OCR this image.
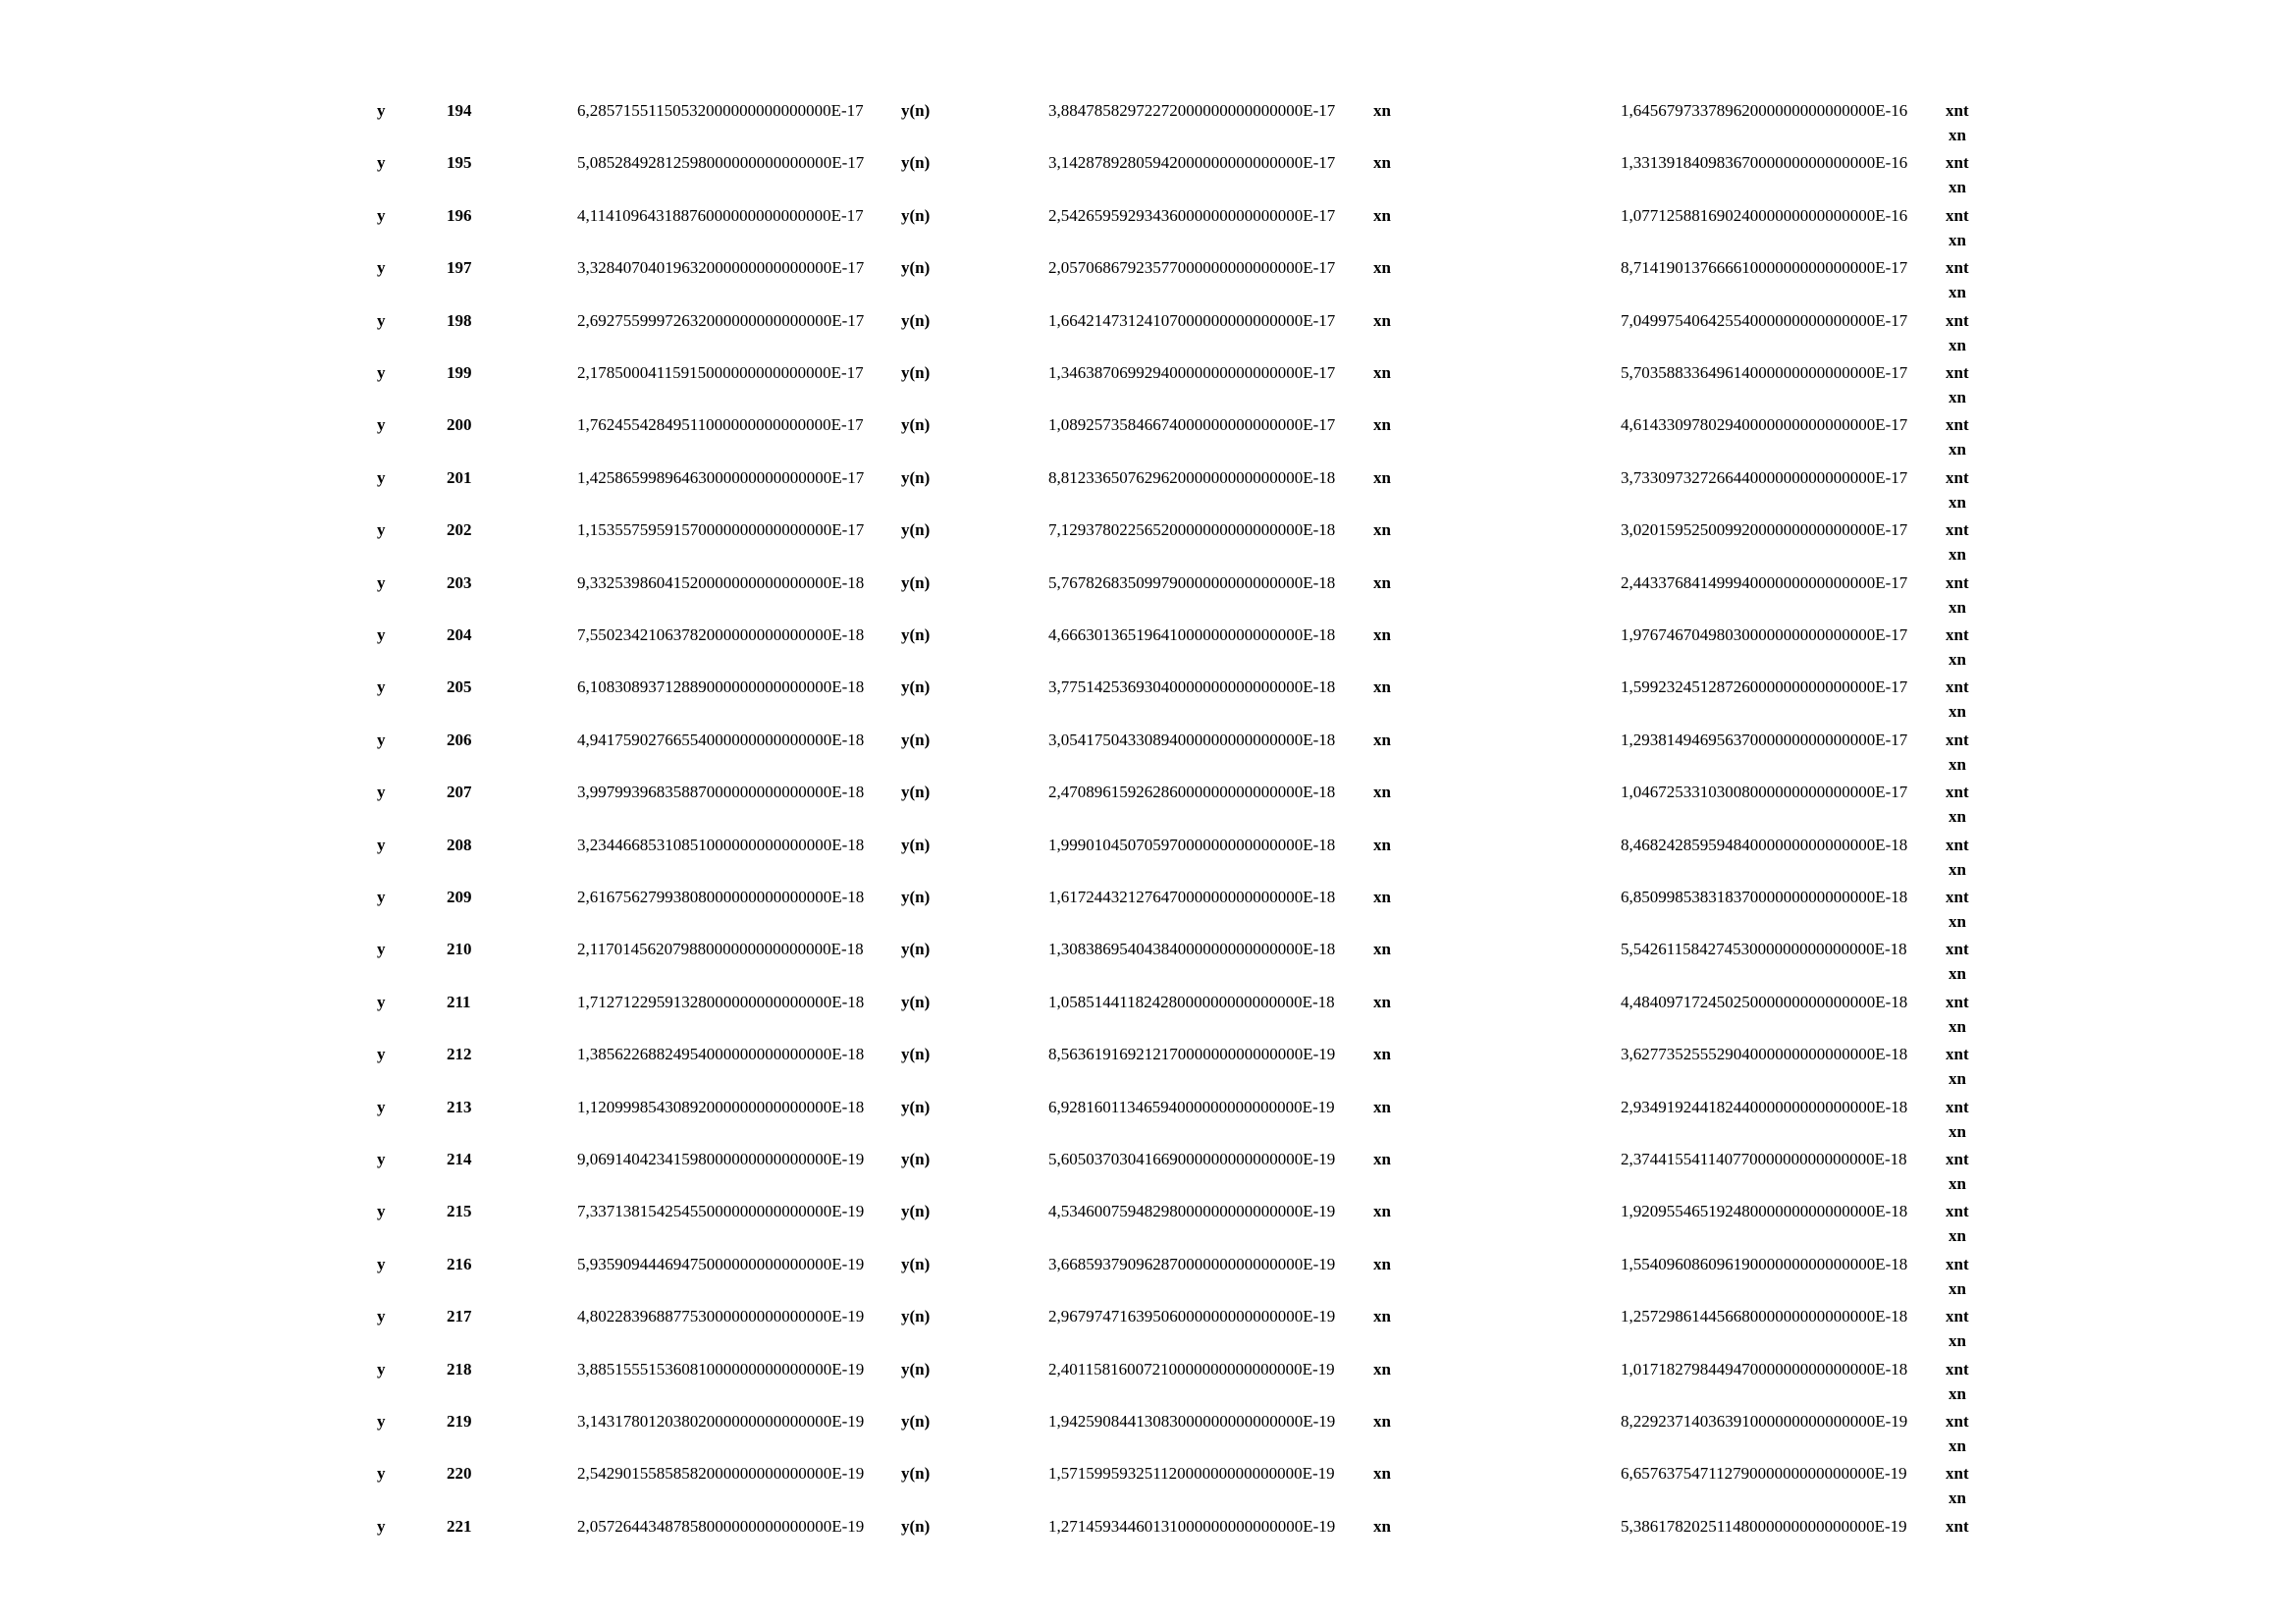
y	194	6,28571551150532000000000000000E-17 y(n)	3,88478582972272000000000000000E-17 xn	1,64567973378962000000000000000E-16 xnt
xn
y	195	5,08528492812598000000000000000E-17 y(n)	3,14287892805942000000000000000E-17 xn	1,33139184098367000000000000000E-16 xnt
xn
y	196	4,11410964318876000000000000000E-17 y(n)	2,54265959293436000000000000000E-17 xn	1,07712588169024000000000000000E-16 xnt
xn
y	197	3,32840704019632000000000000000E-17 y(n)	2,05706867923577000000000000000E-17 xn	8,71419013766661000000000000000E-17 xnt
xn
y	198	2,69275599972632000000000000000E-17 y(n)	1,66421473124107000000000000000E-17 xn	7,04997540642554000000000000000E-17 xnt
xn
y	199	2,17850004115915000000000000000E-17 y(n)	1,34638706992940000000000000000E-17 xn	5,70358833649614000000000000000E-17 xnt
xn
y	200	1,76245542849511000000000000000E-17 y(n)	1,08925735846674000000000000000E-17 xn	4,61433097802940000000000000000E-17 xnt
xn
y	201	1,42586599896463000000000000000E-17 y(n)	8,81233650762962000000000000000E-18 xn	3,73309732726644000000000000000E-17 xnt
xn
y	202	1,15355759591570000000000000000E-17 y(n)	7,12937802256520000000000000000E-18 xn	3,02015952500992000000000000000E-17 xnt
xn
y	203	9,33253986041520000000000000000E-18 y(n)	5,76782683509979000000000000000E-18 xn	2,44337684149994000000000000000E-17 xnt
xn
y	204	7,55023421063782000000000000000E-18 y(n)	4,66630136519641000000000000000E-18 xn	1,97674670498030000000000000000E-17 xnt
xn
y	205	6,10830893712889000000000000000E-18 y(n)	3,77514253693040000000000000000E-18 xn	1,59923245128726000000000000000E-17 xnt
xn
y	206	4,94175902766554000000000000000E-18 y(n)	3,05417504330894000000000000000E-18 xn	1,29381494695637000000000000000E-17 xnt
xn
y	207	3,99799396835887000000000000000E-18 y(n)	2,47089615926286000000000000000E-18 xn	1,04672533103008000000000000000E-17 xnt
xn
y	208	3,23446685310851000000000000000E-18 y(n)	1,99901045070597000000000000000E-18 xn	8,46824285959484000000000000000E-18 xnt
xn
y	209	2,61675627993808000000000000000E-18 y(n)	1,61724432127647000000000000000E-18 xn	6,85099853831837000000000000000E-18 xnt
xn
y	210	2,11701456207988000000000000000E-18 y(n)	1,30838695404384000000000000000E-18 xn	5,54261158427453000000000000000E-18 xnt
xn
y	211	1,71271229591328000000000000000E-18 y(n)	1,05851441182428000000000000000E-18 xn	4,48409717245025000000000000000E-18 xnt
xn
y	212	1,38562268824954000000000000000E-18 y(n)	8,56361916921217000000000000000E-19 xn	3,62773525552904000000000000000E-18 xnt
xn
y	213	1,12099985430892000000000000000E-18 y(n)	6,92816011346594000000000000000E-19 xn	2,93491924418244000000000000000E-18 xnt
xn
y	214	9,06914042341598000000000000000E-19 y(n)	5,60503703041669000000000000000E-19 xn	2,37441554114077000000000000000E-18 xnt
xn
y	215	7,33713815425455000000000000000E-19 y(n)	4,53460075948298000000000000000E-19 xn	1,92095546519248000000000000000E-18 xnt
xn
y	216	5,93590944469475000000000000000E-19 y(n)	3,66859379096287000000000000000E-19 xn	1,55409608609619000000000000000E-18 xnt
xn
y	217	4,80228396887753000000000000000E-19 y(n)	2,96797471639506000000000000000E-19 xn	1,25729861445668000000000000000E-18 xnt
xn
y	218	3,88515551536081000000000000000E-19 y(n)	2,40115816007210000000000000000E-19 xn	1,01718279844947000000000000000E-18 xnt
xn
y	219	3,14317801203802000000000000000E-19 y(n)	1,94259084413083000000000000000E-19 xn	8,22923714036391000000000000000E-19 xnt
xn
y	220	2,54290155858582000000000000000E-19 y(n)	1,57159959325112000000000000000E-19 xn	6,65763754711279000000000000000E-19 xnt
xn
y	221	2,05726443487858000000000000000E-19 y(n)	1,27145934460131000000000000000E-19 xn	5,38617820251148000000000000000E-19 xnt
